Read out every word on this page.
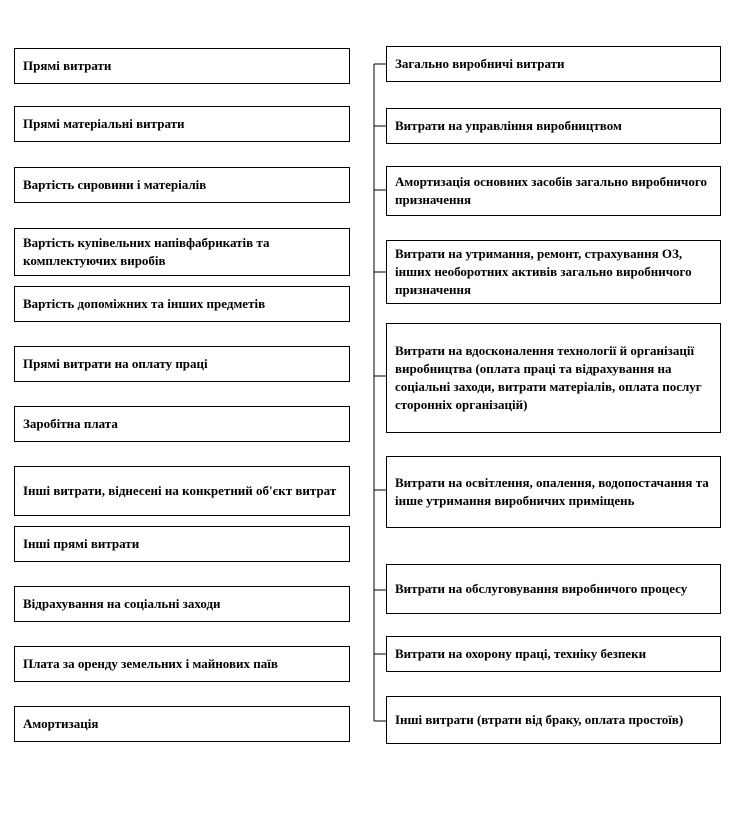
Прямі витрати
Прямі матеріальні витрати
Вартість сировини і матеріалів
Вартість купівельних напівфабрикатів та комплектуючих виробів
Вартість допоміжних та інших предметів
Прямі витрати на оплату праці
Заробітна плата
Інші витрати, віднесені на конкретний об'єкт витрат
Інші прямі витрати
Відрахування на соціальні заходи
Плата за оренду земельних і майнових паїв
Амортизація
Загально виробничі витрати
Витрати на управління виробництвом
Амортизація основних засобів загально виробничого призначення
Витрати на утримання, ремонт, страхування ОЗ, інших необоротних активів загально виробничого призначення
Витрати на вдосконалення технології й організації виробництва (оплата праці та відрахування на соціальні заходи, витрати матеріалів, оплата послуг сторонніх організацій)
Витрати на освітлення, опалення, водопостачання та інше утримання виробничих приміщень
Витрати на обслуговування виробничого процесу
Витрати на охорону праці, техніку безпеки
Інші витрати (втрати від браку, оплата простоїв)
